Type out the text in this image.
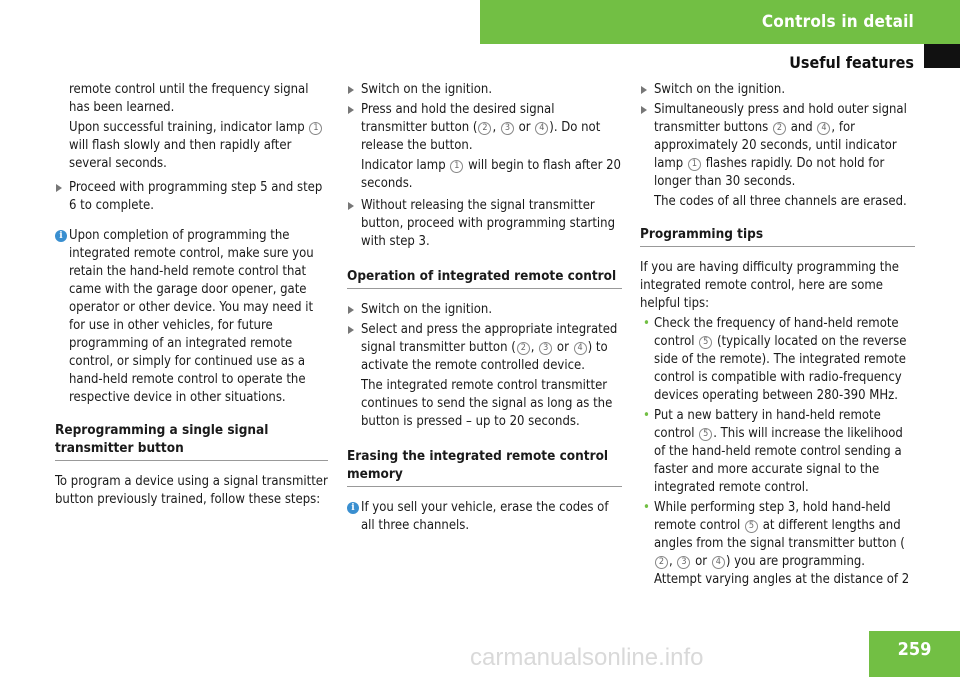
Controls in detail
Useful features

remote control until the frequency signal has been learned.

Upon successful training, indicator lamp 1 will flash slowly and then rapidly after several seconds.

Proceed with programming step 5 and step 6 to complete.
i Upon completion of programming the integrated remote control, make sure you retain the hand-held remote control that came with the garage door opener, gate operator or other device. You may need it for use in other vehicles, for future programming of an integrated remote control, or simply for continued use as a hand-held remote control to operate the respective device in other situations.
Reprogramming a single signal transmitter button

To program a device using a signal transmitter button previously trained, follow these steps:

Switch on the ignition.
Press and hold the desired signal transmitter button ( 2 , 3 or 4 ). Do not release the button.

Indicator lamp 1 will begin to flash after 20 seconds.

Without releasing the signal transmitter button, proceed with programming starting with step 3.
Operation of integrated remote control
Switch on the ignition.
Select and press the appropriate integrated signal transmitter button ( 2 , 3 or 4 ) to activate the remote controlled device.

The integrated remote control transmitter continues to send the signal as long as the button is pressed – up to 20 seconds.

Erasing the integrated remote control memory
i If you sell your vehicle, erase the codes of all three channels.
Switch on the ignition.
Simultaneously press and hold outer signal transmitter buttons 2 and 4 , for approximately 20 seconds, until indicator lamp 1 flashes rapidly. Do not hold for longer than 30 seconds.

The codes of all three channels are erased.

Programming tips

If you are having difficulty programming the integrated remote control, here are some helpful tips:

• Check the frequency of hand-held remote control 5 (typically located on the reverse side of the remote). The integrated remote control is compatible with radio-frequency devices operating between 280-390 MHz.
• Put a new battery in hand-held remote control 5 . This will increase the likelihood of the hand-held remote control sending a faster and more accurate signal to the integrated remote control.
• While performing step 3, hold hand-held remote control 5 at different lengths and angles from the signal transmitter button (2 , 3 or 4 ) you are programming. Attempt varying angles at the distance of 2
259
carmanualsonline.info
